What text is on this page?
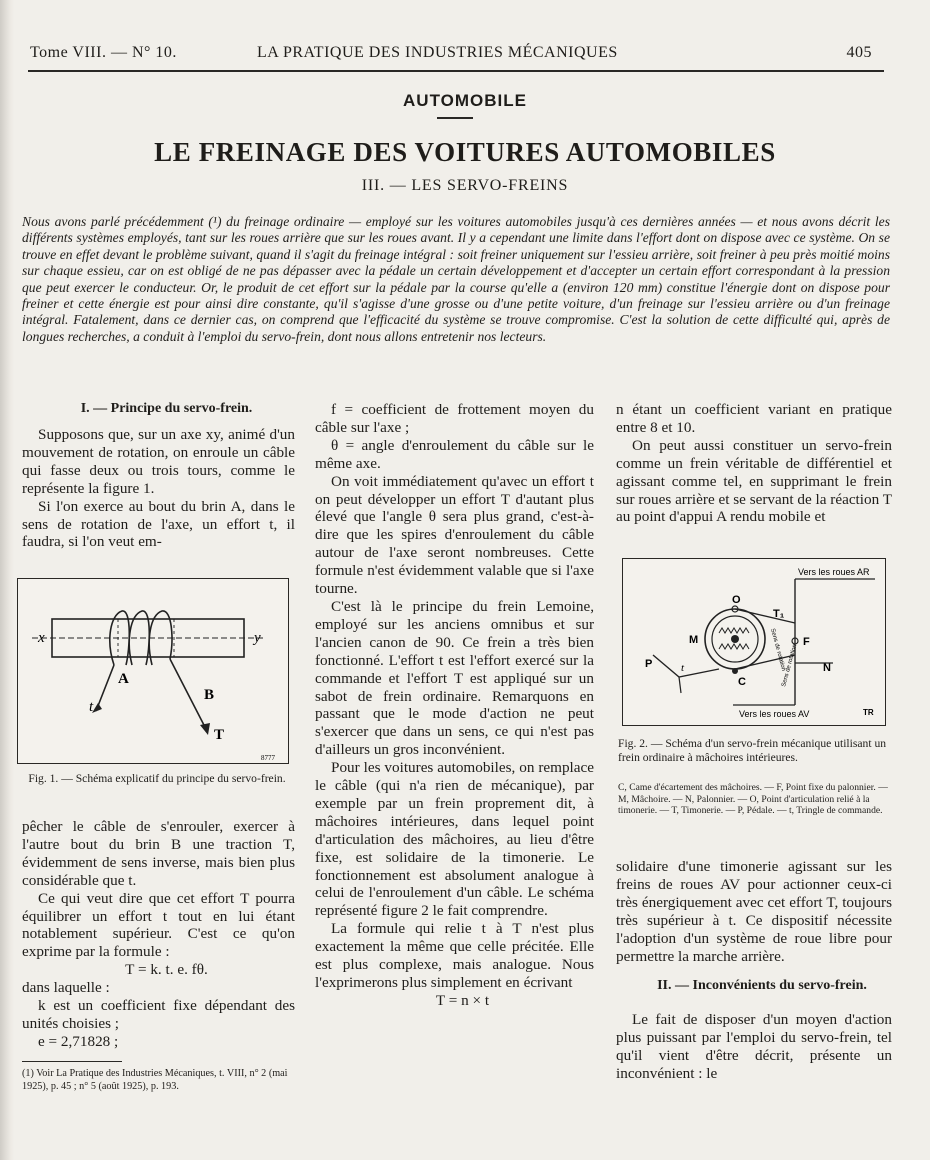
Tome VIII. — N° 10.	LA PRATIQUE DES INDUSTRIES MÉCANIQUES	405
AUTOMOBILE
LE FREINAGE DES VOITURES AUTOMOBILES
III. — LES SERVO-FREINS
Nous avons parlé précédemment (¹) du freinage ordinaire — employé sur les voitures automobiles jusqu'à ces dernières années — et nous avons décrit les différents systèmes employés, tant sur les roues arrière que sur les roues avant. Il y a cependant une limite dans l'effort dont on dispose avec ce système. On se trouve en effet devant le problème suivant, quand il s'agit du freinage intégral : soit freiner uniquement sur l'essieu arrière, soit freiner à peu près moitié moins sur chaque essieu, car on est obligé de ne pas dépasser avec la pédale un certain développement et d'accepter un certain effort correspondant à la pression que peut exercer le conducteur. Or, le produit de cet effort sur la pédale par la course qu'elle a (environ 120 mm) constitue l'énergie dont on dispose pour freiner et cette énergie est pour ainsi dire constante, qu'il s'agisse d'une grosse ou d'une petite voiture, d'un freinage sur l'essieu arrière ou d'un freinage intégral. Fatalement, dans ce dernier cas, on comprend que l'efficacité du système se trouve compromise. C'est la solution de cette difficulté qui, après de longues recherches, a conduit à l'emploi du servo-frein, dont nous allons entretenir nos lecteurs.

I. — Principe du servo-frein.

Supposons que, sur un axe xy, animé d'un mouvement de rotation, on enroule un câble qui fasse deux ou trois tours, comme le représente la figure 1.

Si l'on exerce au bout du brin A, dans le sens de rotation de l'axe, un effort t, il faudra, si l'on veut em-

x	y
A
B
t
T
8777
Fig. 1. — Schéma explicatif du principe du servo-frein.

pêcher le câble de s'enrouler, exercer à l'autre bout du brin B une traction T, évidemment de sens inverse, mais bien plus considérable que t.

Ce qui veut dire que cet effort T pourra équilibrer un effort t tout en lui étant notablement supérieur. C'est ce qu'on exprime par la formule :

T = k. t. e. fθ.

dans laquelle :

k est un coefficient fixe dépendant des unités choisies ;

e = 2,71828 ;

(1) Voir La Pratique des Industries Mécaniques, t. VIII, n° 2 (mai 1925), p. 45 ; n° 5 (août 1925), p. 193.

f = coefficient de frottement moyen du câble sur l'axe ;

θ = angle d'enroulement du câble sur le même axe.

On voit immédiatement qu'avec un effort t on peut développer un effort T d'autant plus élevé que l'angle θ sera plus grand, c'est-à-dire que les spires d'enroulement du câble autour de l'axe seront nombreuses. Cette formule n'est évidemment valable que si l'axe tourne.

C'est là le principe du frein Lemoine, employé sur les anciens omnibus et sur l'ancien canon de 90. Ce frein a très bien fonctionné. L'effort t est l'effort exercé sur la commande et l'effort T est appliqué sur un sabot de frein ordinaire. Remarquons en passant que le mode d'action ne peut s'exercer que dans un sens, ce qui n'est pas d'ailleurs un gros inconvénient.

Pour les voitures automobiles, on remplace le câble (qui n'a rien de mécanique), par exemple par un frein proprement dit, à mâchoires intérieures, dans lequel point d'articulation des mâchoires, au lieu d'être fixe, est solidaire de la timonerie. Le fonctionnement est absolument analogue à celui de l'enroulement d'un câble. Le schéma représenté figure 2 le fait comprendre.

La formule qui relie t à T n'est plus exactement la même que celle précitée. Elle est plus complexe, mais analogue. Nous l'exprimerons plus simplement en écrivant

T = n × t

n étant un coefficient variant en pratique entre 8 et 10.

On peut aussi constituer un servo-frein comme un frein véritable de différentiel et agissant comme tel, en supprimant le frein sur roues arrière et se servant de la réaction T au point d'appui A rendu mobile et

Vers les roues AR
O
T₁
M	F
N
P	t
C
Sens de rotation
Sens de rotation
Vers les roues AV	TR
Fig. 2. — Schéma d'un servo-frein mécanique utilisant un frein ordinaire à mâchoires intérieures.
C, Came d'écartement des mâchoires. — F, Point fixe du palonnier. — M, Mâchoire. — N, Palonnier. — O, Point d'articulation relié à la timonerie. — T, Timonerie. — P, Pédale. — t, Tringle de commande.

solidaire d'une timonerie agissant sur les freins de roues AV pour actionner ceux-ci très énergiquement avec cet effort T, toujours très supérieur à t. Ce dispositif nécessite l'adoption d'un système de roue libre pour permettre la marche arrière.

II. — Inconvénients du servo-frein.

Le fait de disposer d'un moyen d'action plus puissant par l'emploi du servo-frein, tel qu'il vient d'être décrit, présente un inconvénient : le
